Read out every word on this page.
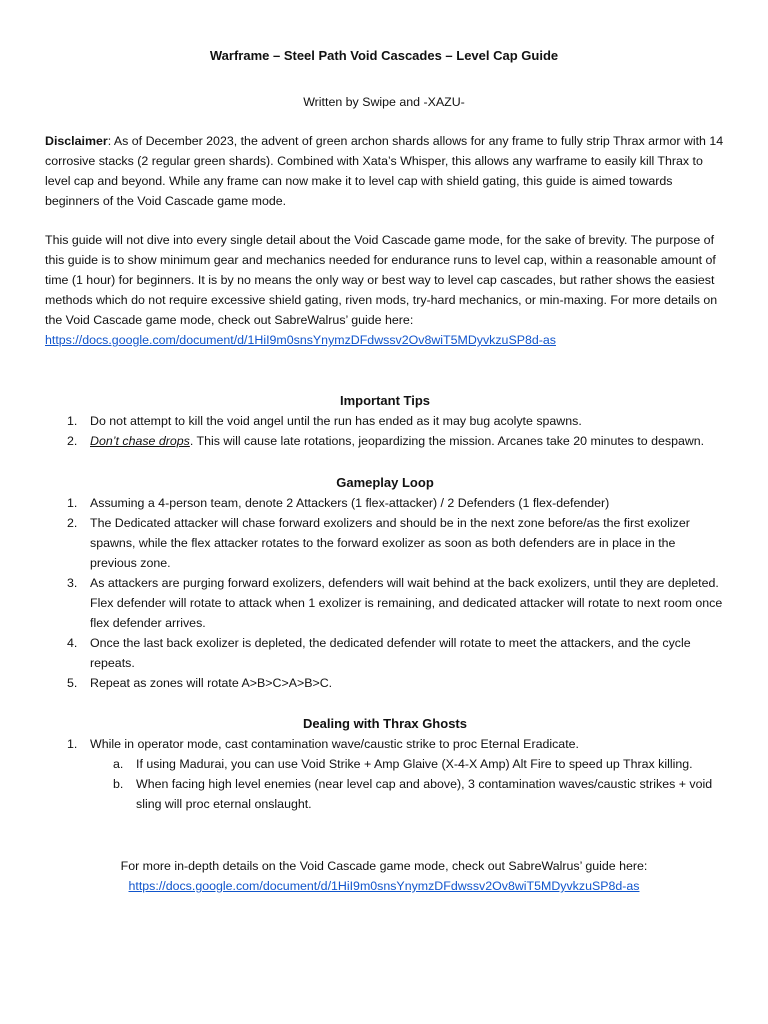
Warframe – Steel Path Void Cascades – Level Cap Guide
Written by Swipe and -XAZU-

Disclaimer: As of December 2023, the advent of green archon shards allows for any frame to fully strip Thrax armor with 14 corrosive stacks (2 regular green shards). Combined with Xata’s Whisper, this allows any warframe to easily kill Thrax to level cap and beyond. While any frame can now make it to level cap with shield gating, this guide is aimed towards beginners of the Void Cascade game mode.

This guide will not dive into every single detail about the Void Cascade game mode, for the sake of brevity. The purpose of this guide is to show minimum gear and mechanics needed for endurance runs to level cap, within a reasonable amount of time (1 hour) for beginners. It is by no means the only way or best way to level cap cascades, but rather shows the easiest methods which do not require excessive shield gating, riven mods, try-hard mechanics, or min-maxing. For more details on the Void Cascade game mode, check out SabreWalrus’ guide here:
https://docs.google.com/document/d/1HiI9m0snsYnymzDFdwssv2Ov8wiT5MDyvkzuSP8d-as

Important Tips
1. Do not attempt to kill the void angel until the run has ended as it may bug acolyte spawns.
2. Don’t chase drops. This will cause late rotations, jeopardizing the mission. Arcanes take 20 minutes to despawn.
Gameplay Loop
1. Assuming a 4-person team, denote 2 Attackers (1 flex-attacker) / 2 Defenders (1 flex-defender)
2. The Dedicated attacker will chase forward exolizers and should be in the next zone before/as the first exolizer spawns, while the flex attacker rotates to the forward exolizer as soon as both defenders are in place in the previous zone.
3. As attackers are purging forward exolizers, defenders will wait behind at the back exolizers, until they are depleted. Flex defender will rotate to attack when 1 exolizer is remaining, and dedicated attacker will rotate to next room once flex defender arrives.
4. Once the last back exolizer is depleted, the dedicated defender will rotate to meet the attackers, and the cycle repeats.
5. Repeat as zones will rotate A>B>C>A>B>C.
Dealing with Thrax Ghosts
1. While in operator mode, cast contamination wave/caustic strike to proc Eternal Eradicate.
a. If using Madurai, you can use Void Strike + Amp Glaive (X-4-X Amp) Alt Fire to speed up Thrax killing.
b. When facing high level enemies (near level cap and above), 3 contamination waves/caustic strikes + void sling will proc eternal onslaught.
For more in-depth details on the Void Cascade game mode, check out SabreWalrus’ guide here:
https://docs.google.com/document/d/1HiI9m0snsYnymzDFdwssv2Ov8wiT5MDyvkzuSP8d-as
